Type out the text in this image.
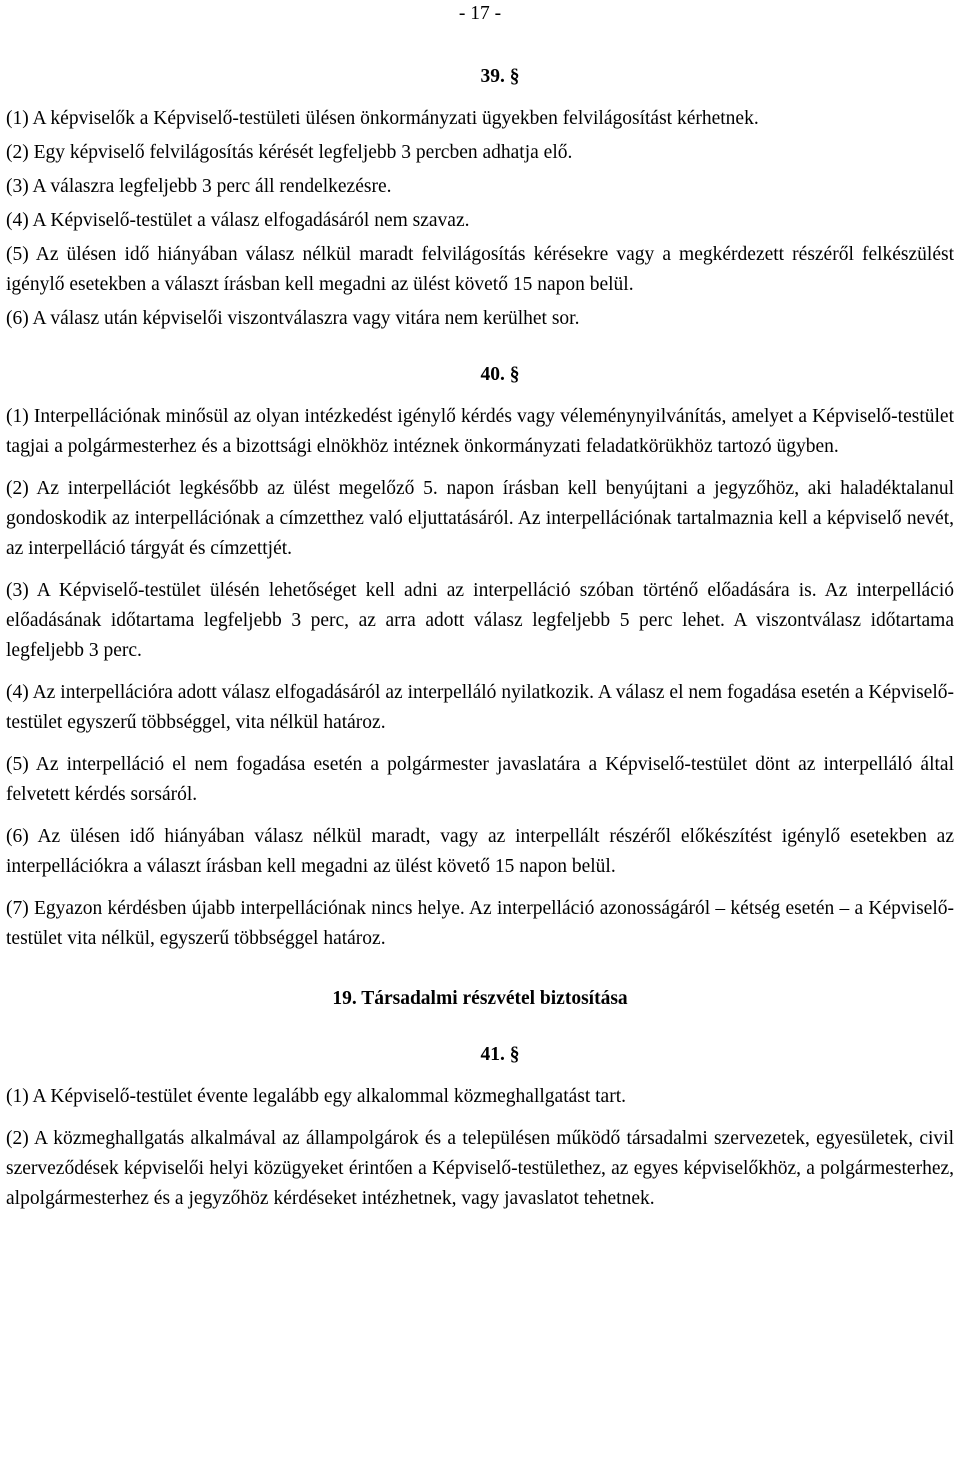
- 17 -
39. §

(1) A képviselők a Képviselő-testületi ülésen önkormányzati ügyekben felvilágosítást kérhetnek.

(2) Egy képviselő felvilágosítás kérését legfeljebb 3 percben adhatja elő.

(3) A válaszra legfeljebb 3 perc áll rendelkezésre.

(4) A Képviselő-testület a válasz elfogadásáról nem szavaz.

(5) Az ülésen idő hiányában válasz nélkül maradt felvilágosítás kérésekre vagy a megkérdezett részéről felkészülést igénylő esetekben a választ írásban kell megadni az ülést követő 15 napon belül.

(6) A válasz után képviselői viszontválaszra vagy vitára nem kerülhet sor.

40. §

(1) Interpellációnak minősül az olyan intézkedést igénylő kérdés vagy véleménynyilvánítás, amelyet a Képviselő-testület tagjai a polgármesterhez és a bizottsági elnökhöz intéznek önkormányzati feladatkörükhöz tartozó ügyben.

(2) Az interpellációt legkésőbb az ülést megelőző 5. napon írásban kell benyújtani a jegyzőhöz, aki haladéktalanul gondoskodik az interpellációnak a címzetthez való eljuttatásáról. Az interpellációnak tartalmaznia kell a képviselő nevét, az interpelláció tárgyát és címzettjét.

(3) A Képviselő-testület ülésén lehetőséget kell adni az interpelláció szóban történő előadására is. Az interpelláció előadásának időtartama legfeljebb 3 perc, az arra adott válasz legfeljebb 5 perc lehet. A viszontválasz időtartama legfeljebb 3 perc.

(4) Az interpellációra adott válasz elfogadásáról az interpelláló nyilatkozik. A válasz el nem fogadása esetén a Képviselő-testület egyszerű többséggel, vita nélkül határoz.

(5) Az interpelláció el nem fogadása esetén a polgármester javaslatára a Képviselő-testület dönt az interpelláló által felvetett kérdés sorsáról.

(6) Az ülésen idő hiányában válasz nélkül maradt, vagy az interpellált részéről előkészítést igénylő esetekben az interpellációkra a választ írásban kell megadni az ülést követő 15 napon belül.

(7) Egyazon kérdésben újabb interpellációnak nincs helye. Az interpelláció azonosságáról – kétség esetén – a Képviselő-testület vita nélkül, egyszerű többséggel határoz.

19. Társadalmi részvétel biztosítása
41. §

(1) A Képviselő-testület évente legalább egy alkalommal közmeghallgatást tart.

(2) A közmeghallgatás alkalmával az állampolgárok és a településen működő társadalmi szervezetek, egyesületek, civil szerveződések képviselői helyi közügyeket érintően a Képviselő-testülethez, az egyes képviselőkhöz, a polgármesterhez, alpolgármesterhez és a jegyzőhöz kérdéseket intézhetnek, vagy javaslatot tehetnek.
